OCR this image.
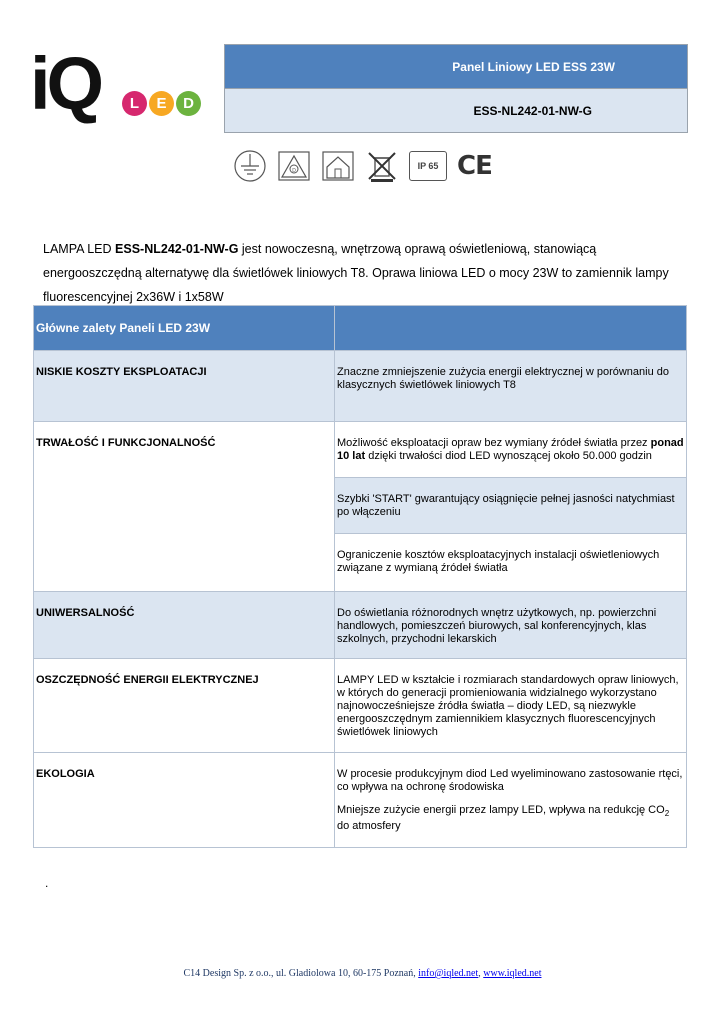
iQ	L	E	D
Panel Liniowy LED ESS 23W
ESS-NL242-01-NW-G
D	IP 65 CE
LAMPA LED ESS-NL242-01-NW-G jest nowoczesną, wnętrzową oprawą oświetleniową, stanowiącą energooszczędną alternatywę dla świetlówek liniowych T8. Oprawa liniowa LED o mocy 23W to zamiennik lampy fluorescencyjnej 2x36W i 1x58W
Główne zalety Paneli LED 23W	
NISKIE KOSZTY EKSPLOATACJI	Znaczne zmniejszenie zużycia energii elektrycznej w porównaniu do klasycznych świetlówek liniowych T8
TRWAŁOŚĆ I FUNKCJONALNOŚĆ	Możliwość eksploatacji opraw bez wymiany źródeł światła przez ponad 10 lat dzięki trwałości diod LED wynoszącej około 50.000 godzin
	Szybki 'START' gwarantujący osiągnięcie pełnej jasności natychmiast po włączeniu
	Ograniczenie kosztów eksploatacyjnych instalacji oświetleniowych związane z wymianą źródeł światła
UNIWERSALNOŚĆ	Do oświetlania różnorodnych wnętrz użytkowych, np. powierzchni handlowych, pomieszczeń biurowych, sal konferencyjnych, klas szkolnych, przychodni lekarskich
OSZCZĘDNOŚĆ ENERGII ELEKTRYCZNEJ	LAMPY LED w kształcie i rozmiarach standardowych opraw liniowych, w których do generacji promieniowania widzialnego wykorzystano najnowocześniejsze źródła światła – diody LED, są niezwykle energooszczędnym zamiennikiem klasycznych fluorescencyjnych świetlówek liniowych
EKOLOGIA	W procesie produkcyjnym diod Led wyeliminowano zastosowanie rtęci, co wpływa na ochronę środowiska
Mniejsze zużycie energii przez lampy LED, wpływa na redukcję $CO_2$ do atmosfery
.
C14 Design Sp. z o.o., ul. Gladiolowa 10, 60-175 Poznań, info@iqled.net, www.iqled.net
